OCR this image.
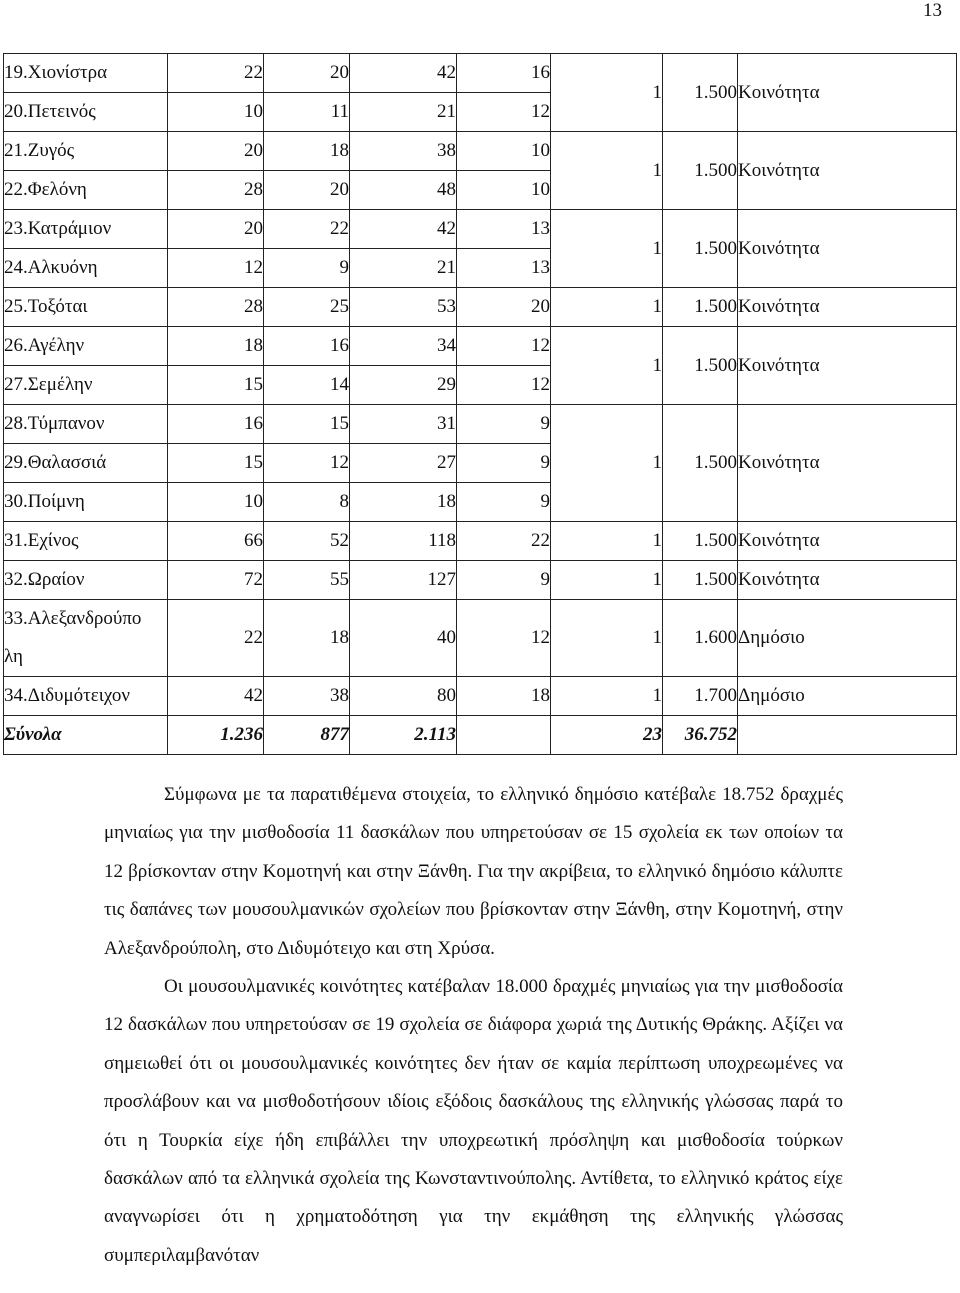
13
19.Χιονίστρα	22	20	42	16	1	1.500	Κοινότητα
20.Πετεινός	10	11	21	12			
21.Ζυγός	20	18	38	10	1	1.500	Κοινότητα
22.Φελόνη	28	20	48	10			
23.Κατράμιον	20	22	42	13	1	1.500	Κοινότητα
24.Αλκυόνη	12	9	21	13			
25.Τοξόται	28	25	53	20	1	1.500	Κοινότητα
26.Αγέλην	18	16	34	12	1	1.500	Κοινότητα
27.Σεμέλην	15	14	29	12			
28.Τύμπανον	16	15	31	9	1	1.500	Κοινότητα
29.Θαλασσιά	15	12	27	9			
30.Ποίμνη	10	8	18	9			
31.Εχίνος	66	52	118	22	1	1.500	Κοινότητα
32.Ωραίον	72	55	127	9	1	1.500	Κοινότητα

33.Αλεξανδρούπο
λη	22	18	40	12	1	1.600	Δημόσιο
34.Διδυμότειχον	42	38	80	18	1	1.700	Δημόσιο
Σύνολα	1.236	877	2.113		23	36.752	

Σύμφωνα με τα παρατιθέμενα στοιχεία, το ελληνικό δημόσιο κατέβαλε 18.752 δραχμές μηνιαίως για την μισθοδοσία 11 δασκάλων που υπηρετούσαν σε 15 σχολεία εκ των οποίων τα 12 βρίσκονταν στην Κομοτηνή και στην Ξάνθη. Για την ακρίβεια, το ελληνικό δημόσιο κάλυπτε τις δαπάνες των μουσουλμανικών σχολείων που βρίσκονταν στην Ξάνθη, στην Κομοτηνή, στην Αλεξανδρούπολη, στο Διδυμότειχο και στη Χρύσα.

Οι μουσουλμανικές κοινότητες κατέβαλαν 18.000 δραχμές μηνιαίως για την μισθοδοσία 12 δασκάλων που υπηρετούσαν σε 19 σχολεία σε διάφορα χωριά της Δυτικής Θράκης. Αξίζει να σημειωθεί ότι οι μουσουλμανικές κοινότητες δεν ήταν σε καμία περίπτωση υποχρεωμένες να προσλάβουν και να μισθοδοτήσουν ιδίοις εξόδοις δασκάλους της ελληνικής γλώσσας παρά το ότι η Τουρκία είχε ήδη επιβάλλει την υποχρεωτική πρόσληψη και μισθοδοσία τούρκων δασκάλων από τα ελληνικά σχολεία της Κωνσταντινούπολης. Αντίθετα, το ελληνικό κράτος είχε αναγνωρίσει ότι η χρηματοδότηση για την εκμάθηση της ελληνικής γλώσσας συμπεριλαμβανόταν
